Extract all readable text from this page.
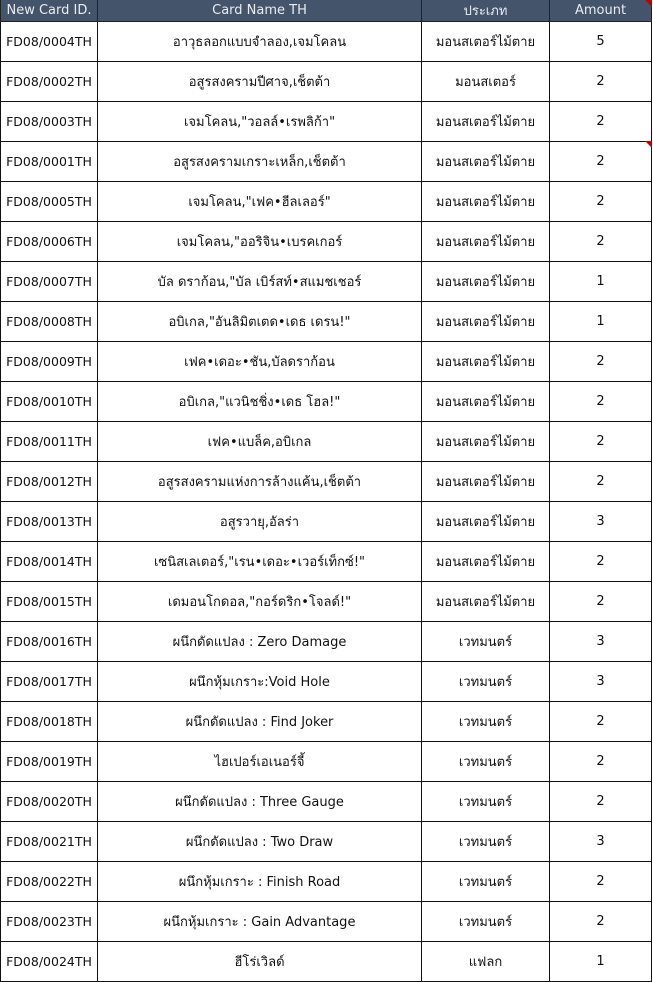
New Card ID.	Card Name TH	ประเภท	Amount
FD08/0004TH	อาวุธลอกแบบจำลอง,เจมโคลน	มอนสเตอร์ไม้ตาย	5
FD08/0002TH	อสูรสงครามปีศาจ,เช็ตต้า	มอนสเตอร์	2
FD08/0003TH	เจมโคลน,"วอลล์•เรพลิก้า"	มอนสเตอร์ไม้ตาย	2
FD08/0001TH	อสูรสงครามเกราะเหล็ก,เช็ตต้า	มอนสเตอร์ไม้ตาย	2
FD08/0005TH	เจมโคลน,"เฟค•ฮีลเลอร์"	มอนสเตอร์ไม้ตาย	2
FD08/0006TH	เจมโคลน,"ออริจิน•เบรคเกอร์	มอนสเตอร์ไม้ตาย	2
FD08/0007TH	บัล ดราก้อน,"บัล เบิร์สท์•สแมชเชอร์	มอนสเตอร์ไม้ตาย	1
FD08/0008TH	อบิเกล,"อันลิมิตเตด•เดธ เดรน!"	มอนสเตอร์ไม้ตาย	1
FD08/0009TH	เฟค•เดอะ•ชัน,บัลดราก้อน	มอนสเตอร์ไม้ตาย	2
FD08/0010TH	อบิเกล,"แวนิชชิ่ง•เดธ โฮล!"	มอนสเตอร์ไม้ตาย	2
FD08/0011TH	เฟค•แบล็ค,อบิเกล	มอนสเตอร์ไม้ตาย	2
FD08/0012TH	อสูรสงครามแห่งการล้างแค้น,เช็ตต้า	มอนสเตอร์ไม้ตาย	2
FD08/0013TH	อสูรวายุ,อัลร่า	มอนสเตอร์ไม้ตาย	3
FD08/0014TH	เซนิสเลเตอร์,"เรน•เดอะ•เวอร์เท็กซ์!"	มอนสเตอร์ไม้ตาย	2
FD08/0015TH	เดมอนโกดอล,"กอร์ดริก•โจลด์!"	มอนสเตอร์ไม้ตาย	2
FD08/0016TH	ผนึกดัดแปลง : Zero Damage	เวทมนตร์	3
FD08/0017TH	ผนึกหุ้มเกราะ:Void Hole	เวทมนตร์	3
FD08/0018TH	ผนึกดัดแปลง : Find Joker	เวทมนตร์	2
FD08/0019TH	ไฮเปอร์เอเนอร์จี้	เวทมนตร์	2
FD08/0020TH	ผนึกดัดแปลง : Three Gauge	เวทมนตร์	2
FD08/0021TH	ผนึกดัดแปลง : Two Draw	เวทมนตร์	3
FD08/0022TH	ผนึกหุ้มเกราะ : Finish Road	เวทมนตร์	2
FD08/0023TH	ผนึกหุ้มเกราะ : Gain Advantage	เวทมนตร์	2
FD08/0024TH	ฮีโร่เวิลด์	แฟลก	1
